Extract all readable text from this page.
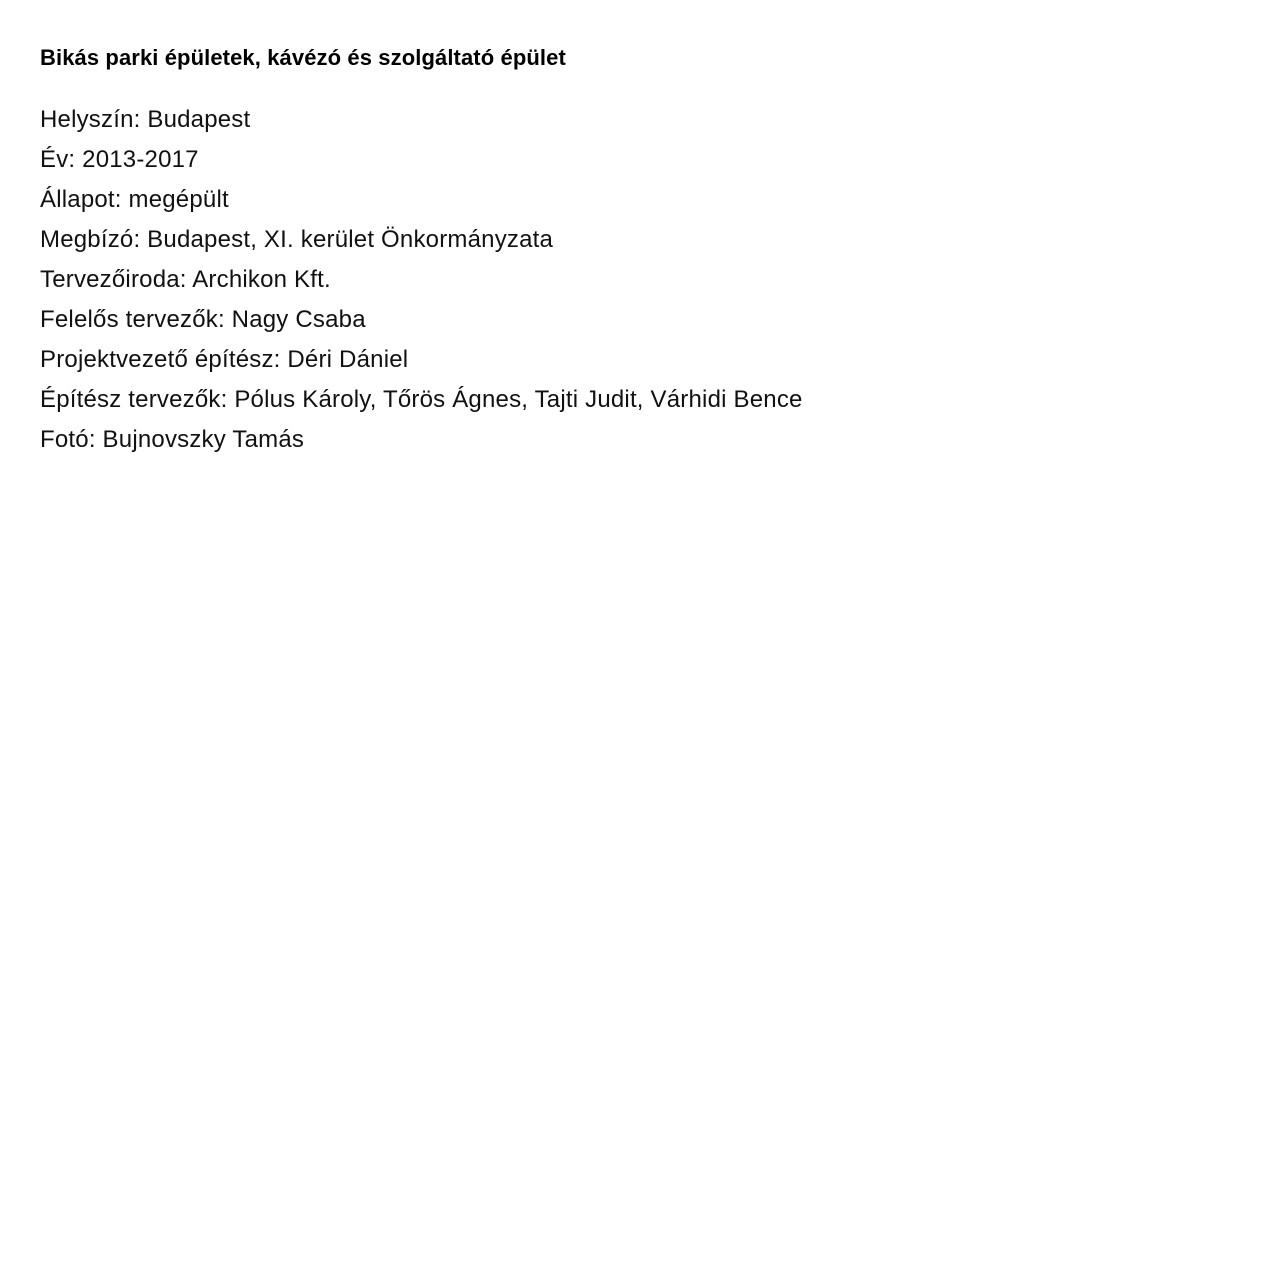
Bikás parki épületek, kávézó és szolgáltató épület
Helyszín: Budapest
Év: 2013-2017
Állapot: megépült
Megbízó: Budapest, XI. kerület Önkormányzata
Tervezőiroda: Archikon Kft.
Felelős tervezők: Nagy Csaba
Projektvezető építész: Déri Dániel
Építész tervezők: Pólus Károly, Tőrös Ágnes, Tajti Judit, Várhidi Bence
Fotó: Bujnovszky Tamás
